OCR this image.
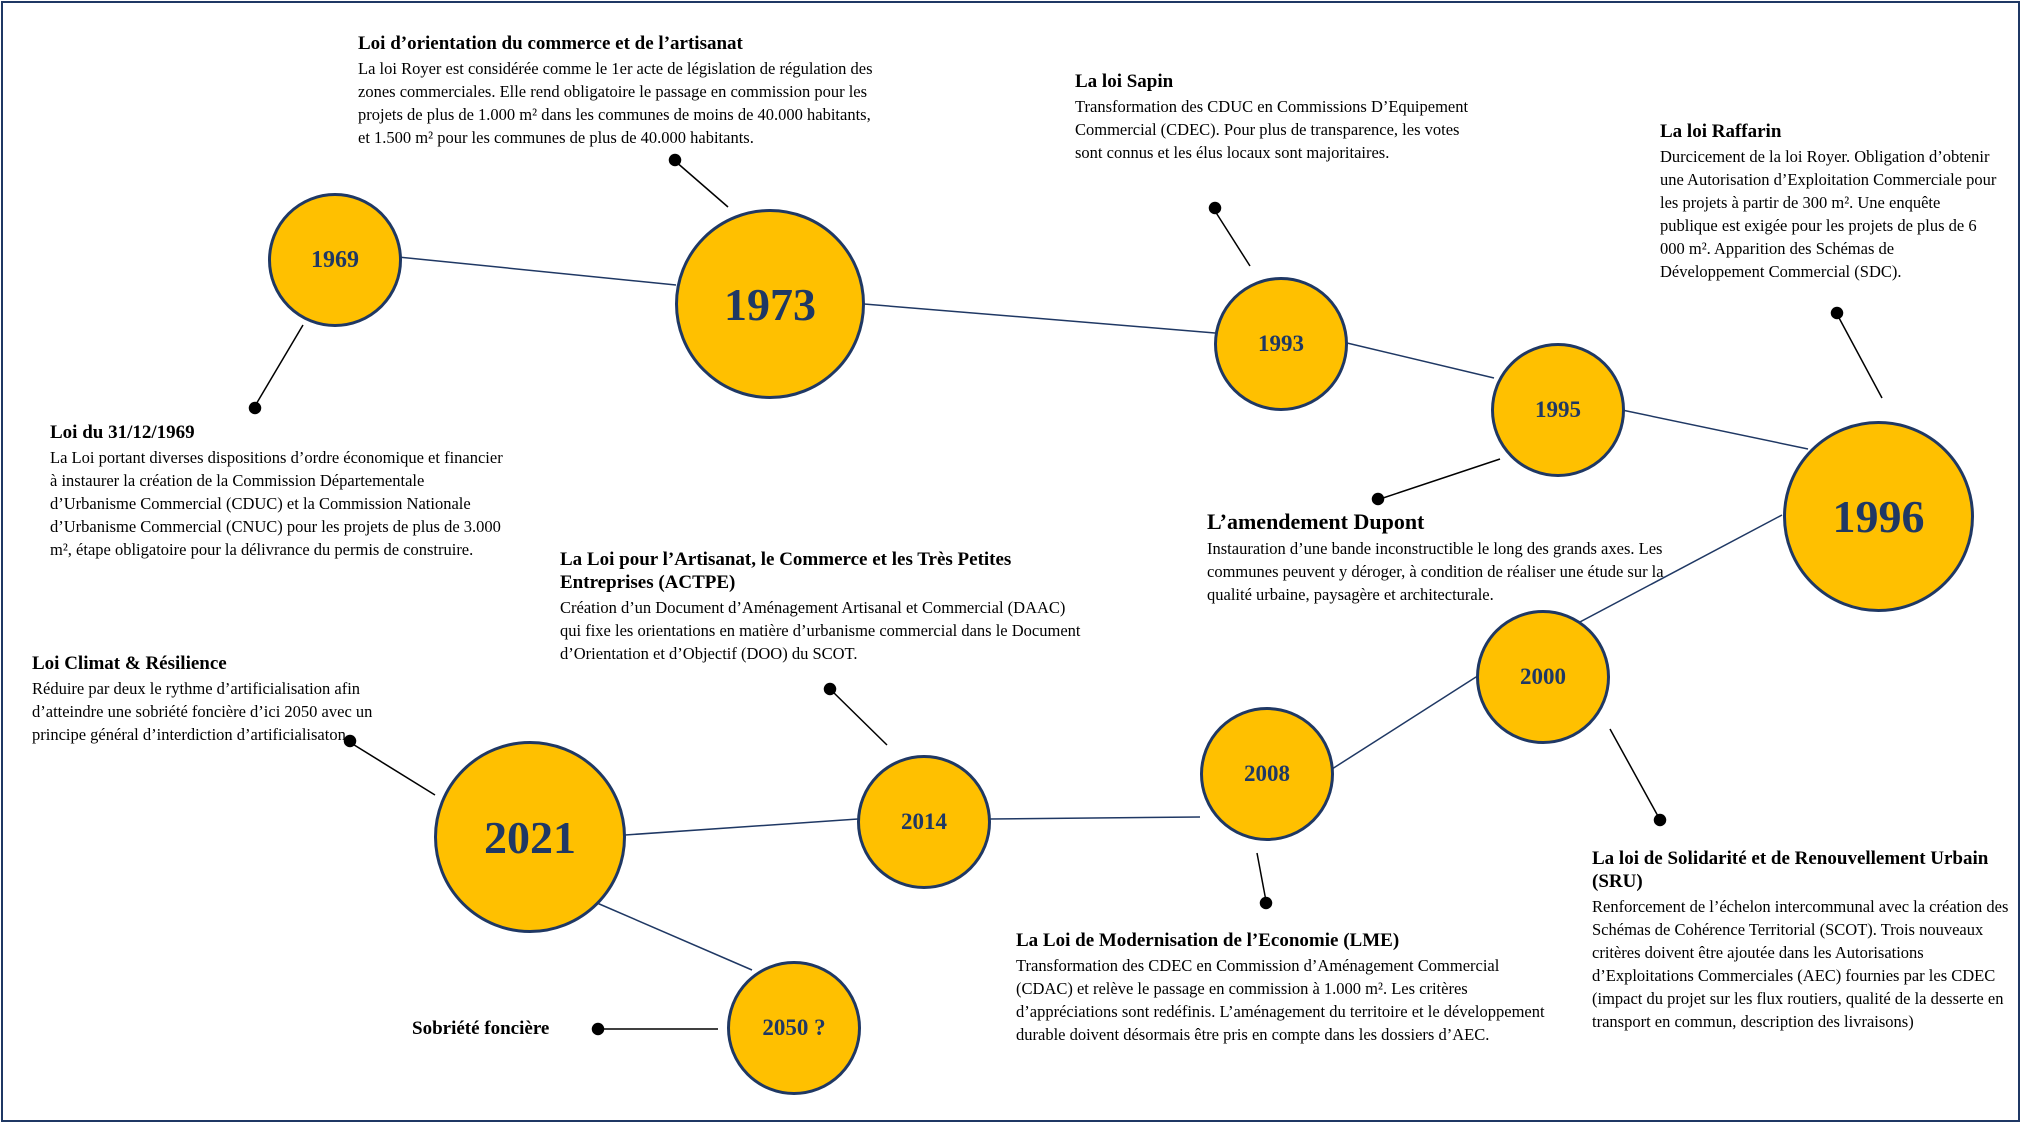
1969
1973
1993
1995
1996
2000
2008
2014
2021
2050 ?
Loi du 31/12/1969
La Loi portant diverses dispositions d’ordre économique et financier à instaurer la création de la Commission Départementale d’Urbanisme Commercial (CDUC) et la Commission Nationale d’Urbanisme Commercial (CNUC) pour les projets de plus de 3.000 m², étape obligatoire pour la délivrance du permis de construire.
Loi d’orientation du commerce et de l’artisanat
La loi Royer est considérée comme le 1er acte de législation de régulation des zones commerciales. Elle rend obligatoire le passage en commission pour les projets de plus de 1.000 m² dans les communes de moins de 40.000 habitants, et 1.500 m² pour les communes de plus de 40.000 habitants.
La loi Sapin
Transformation des CDUC en Commissions D’Equipement Commercial (CDEC). Pour plus de transparence, les votes sont connus et les élus locaux sont majoritaires.
L’amendement Dupont
Instauration d’une bande inconstructible le long des grands axes. Les communes peuvent y déroger, à condition de réaliser une étude sur la qualité urbaine, paysagère et architecturale.
La loi Raffarin
Durcicement de la loi Royer. Obligation d’obtenir une Autorisation d’Exploitation Commerciale pour les projets à partir de 300 m². Une enquête publique est exigée pour les projets de plus de 6 000 m². Apparition des Schémas de Développement Commercial (SDC).
La loi de Solidarité et de Renouvellement Urbain (SRU)
Renforcement de l’échelon intercommunal avec la création des Schémas de Cohérence Territorial (SCOT). Trois nouveaux critères doivent être ajoutée dans les Autorisations d’Exploitations Commerciales (AEC) fournies par les CDEC (impact du projet sur les flux routiers, qualité de la desserte en transport en commun, description des livraisons)
La Loi de Modernisation de l’Economie (LME)
Transformation des CDEC en Commission d’Aménagement Commercial (CDAC) et relève le passage en commission à 1.000 m². Les critères d’appréciations sont redéfinis. L’aménagement du territoire et le développement durable doivent désormais être pris en compte dans les dossiers d’AEC.
La Loi pour l’Artisanat, le Commerce et les Très Petites Entreprises (ACTPE)
Création d’un Document d’Aménagement Artisanal et Commercial (DAAC) qui fixe les orientations en matière d’urbanisme commercial dans le Document d’Orientation et d’Objectif (DOO) du SCOT.
Loi Climat & Résilience
Réduire par deux le rythme d’artificialisation afin d’atteindre une sobriété foncière d’ici 2050 avec un principe général d’interdiction d’artificialisaton.
Sobriété foncière
